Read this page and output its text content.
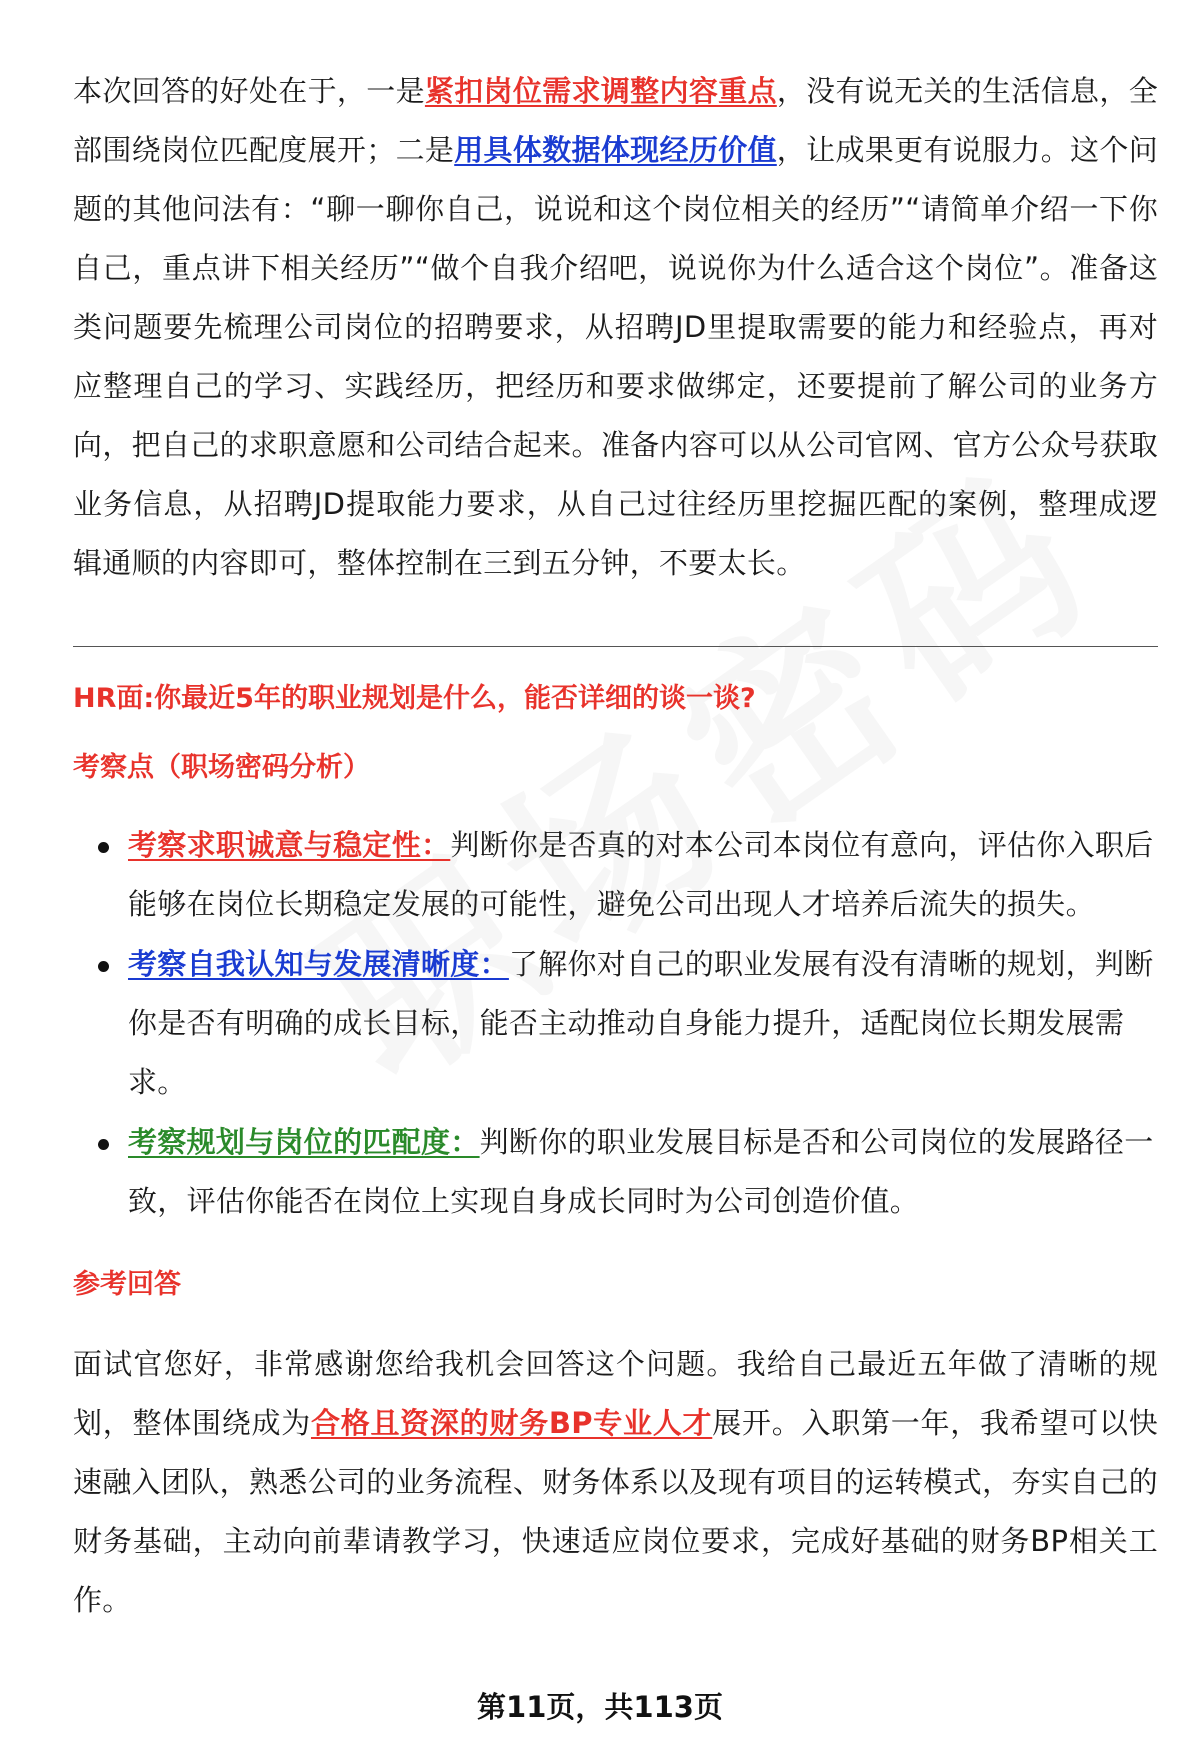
本次回答的好处在于，一是紧扣岗位需求调整内容重点，没有说无关的生活信息，全部围绕岗位匹配度展开；二是用具体数据体现经历价值，让成果更有说服力。这个问题的其他问法有：“聊一聊你自己，说说和这个岗位相关的经历”“请简单介绍一下你自己，重点讲下相关经历”“做个自我介绍吧，说说你为什么适合这个岗位”。准备这类问题要先梳理公司岗位的招聘要求，从招聘JD里提取需要的能力和经验点，再对应整理自己的学习、实践经历，把经历和要求做绑定，还要提前了解公司的业务方向，把自己的求职意愿和公司结合起来。准备内容可以从公司官网、官方公众号获取业务信息，从招聘JD提取能力要求，从自己过往经历里挖掘匹配的案例，整理成逻辑通顺的内容即可，整体控制在三到五分钟，不要太长。

HR面:你最近5年的职业规划是什么，能否详细的谈一谈?
考察点（职场密码分析）
考察求职诚意与稳定性：判断你是否真的对本公司本岗位有意向，评估你入职后能够在岗位长期稳定发展的可能性，避免公司出现人才培养后流失的损失。
考察自我认知与发展清晰度：了解你对自己的职业发展有没有清晰的规划，判断你是否有明确的成长目标，能否主动推动自身能力提升，适配岗位长期发展需求。
考察规划与岗位的匹配度：判断你的职业发展目标是否和公司岗位的发展路径一致，评估你能否在岗位上实现自身成长同时为公司创造价值。
参考回答

面试官您好，非常感谢您给我机会回答这个问题。我给自己最近五年做了清晰的规划，整体围绕成为合格且资深的财务BP专业人才展开。入职第一年，我希望可以快速融入团队，熟悉公司的业务流程、财务体系以及现有项目的运转模式，夯实自己的财务基础，主动向前辈请教学习，快速适应岗位要求，完成好基础的财务BP相关工作。

第11页，共113页
